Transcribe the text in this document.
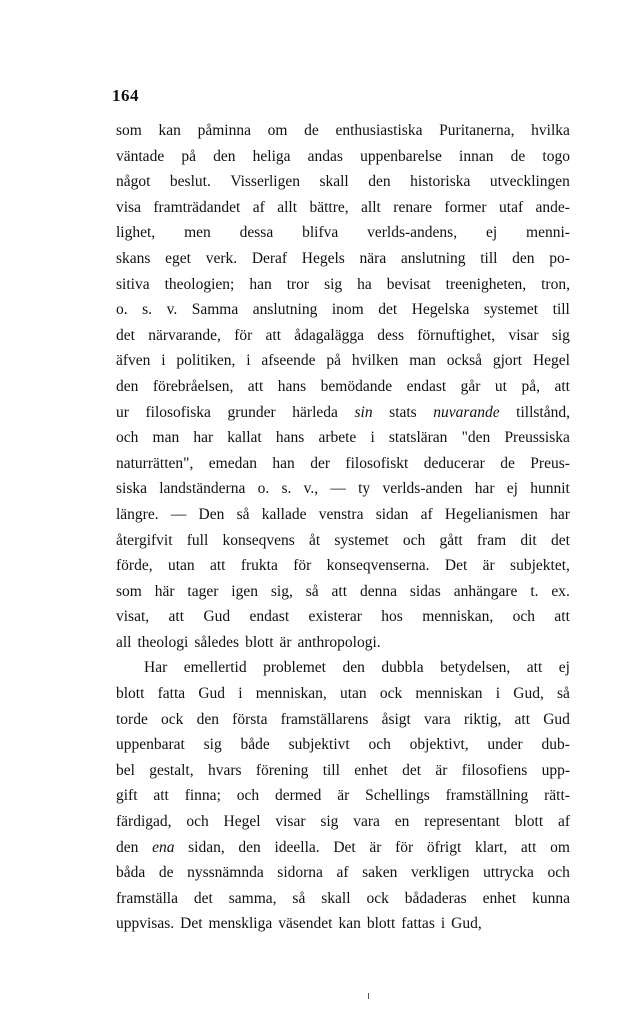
164
som kan påminna om de enthusiastiska Puritanerna, hvilka
väntade på den heliga andas uppenbarelse innan de togo
något beslut. Visserligen skall den historiska utvecklingen
visa framträdandet af allt bättre, allt renare former utaf ande-
lighet, men dessa blifva verlds-andens, ej menni-
skans eget verk. Deraf Hegels nära anslutning till den po-
sitiva theologien; han tror sig ha bevisat treenigheten, tron,
o. s. v. Samma anslutning inom det Hegelska systemet till
det närvarande, för att ådagalägga dess förnuftighet, visar sig
äfven i politiken, i afseende på hvilken man också gjort Hegel
den förebråelsen, att hans bemödande endast går ut på, att
ur filosofiska grunder härleda sin stats nuvarande tillstånd,
och man har kallat hans arbete i statsläran "den Preussiska
naturrätten", emedan han der filosofiskt deducerar de Preus-
siska landständerna o. s. v., — ty verlds-anden har ej hunnit
längre. — Den så kallade venstra sidan af Hegelianismen har
återgifvit full konseqvens åt systemet och gått fram dit det
förde, utan att frukta för konseqvenserna. Det är subjektet,
som här tager igen sig, så att denna sidas anhängare t. ex.
visat, att Gud endast existerar hos menniskan, och att
all theologi således blott är anthropologi.
Har emellertid problemet den dubbla betydelsen, att ej
blott fatta Gud i menniskan, utan ock menniskan i Gud, så
torde ock den första framställarens åsigt vara riktig, att Gud
uppenbarat sig både subjektivt och objektivt, under dub-
bel gestalt, hvars förening till enhet det är filosofiens upp-
gift att finna; och dermed är Schellings framställning rätt-
färdigad, och Hegel visar sig vara en representant blott af
den ena sidan, den ideella. Det är för öfrigt klart, att om
båda de nyssnämnda sidorna af saken verkligen uttrycka och
framställa det samma, så skall ock bådaderas enhet kunna
uppvisas. Det menskliga väsendet kan blott fattas i Gud,
